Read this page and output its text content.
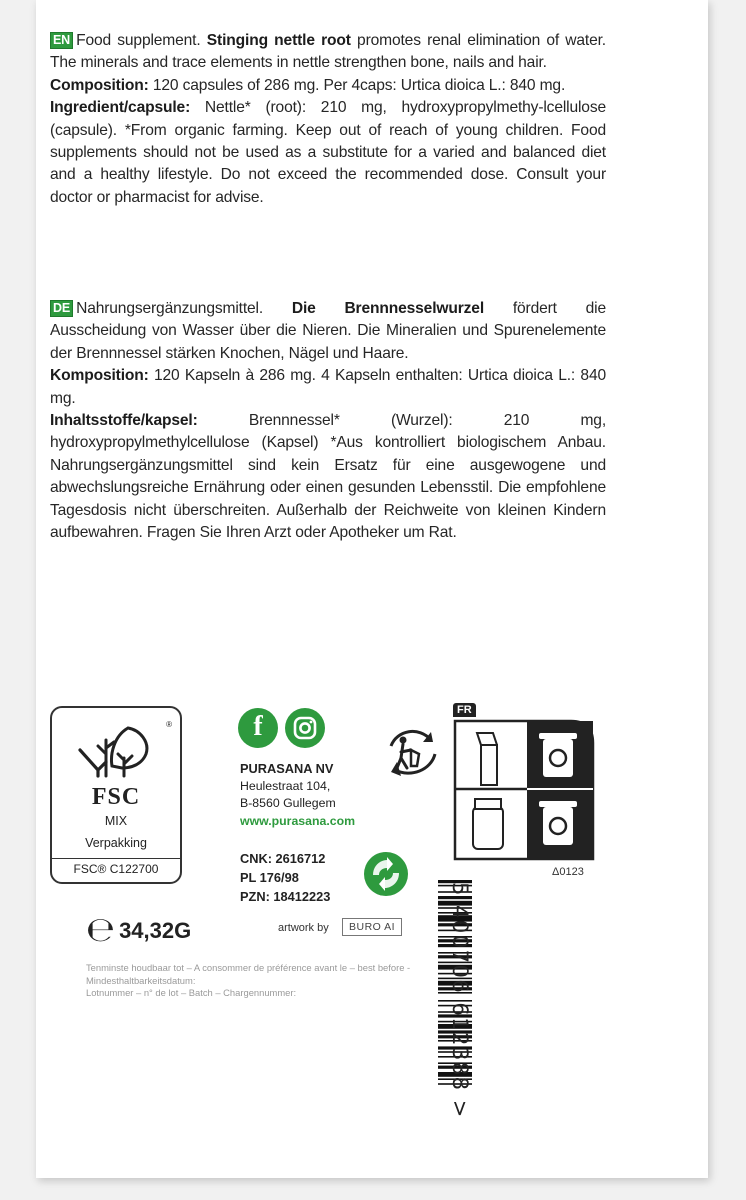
EN Food supplement. Stinging nettle root promotes renal elimination of water. The minerals and trace elements in nettle strengthen bone, nails and hair.

Composition: 120 capsules of 286 mg. Per 4caps: Urtica dioica L.: 840 mg.

Ingredient/capsule: Nettle* (root): 210 mg, hydroxypropylmethy-lcellulose (capsule). *From organic farming. Keep out of reach of young children. Food supplements should not be used as a substitute for a varied and balanced diet and a healthy lifestyle. Do not exceed the recommended dose. Consult your doctor or pharmacist for advise.

DE Nahrungsergänzungsmittel. Die Brennnesselwurzel fördert die Ausscheidung von Wasser über die Nieren. Die Mineralien und Spurenelemente der Brennnessel stärken Knochen, Nägel und Haare.

Komposition: 120 Kapseln à 286 mg. 4 Kapseln enthalten: Urtica dioica L.: 840 mg.

Inhaltsstoffe/kapsel:	Brennnessel* (Wurzel): 210 mg, hydroxypropylmethylcellulose (Kapsel) *Aus kontrolliert biologischem Anbau. Nahrungsergänzungsmittel sind kein Ersatz für eine ausgewogene und abwechslungsreiche Ernährung oder einen gesunden Lebensstil. Die empfohlene Tagesdosis nicht überschreiten. Außerhalb der Reichweite von kleinen Kindern aufbewahren. Fragen Sie Ihren Arzt oder Apotheker um Rat.

®
FSC
MIX
Verpakking
FSC® C122700
f
PURASANA NV
Heulestraat 104,
B-8560 Gullegem
www.purasana.com
CNK: 2616712
PL 176/98
PZN: 18412223
FR
Δ0123
℮ 34,32G	artwork by	BURO AI
Tenminste houdbaar tot – A consommer de préférence avant le – best before - Mindesthaltbarkeitsdatum:
Lotnummer – n° de lot – Batch – Chargennummer:	5 400706 612388 >
